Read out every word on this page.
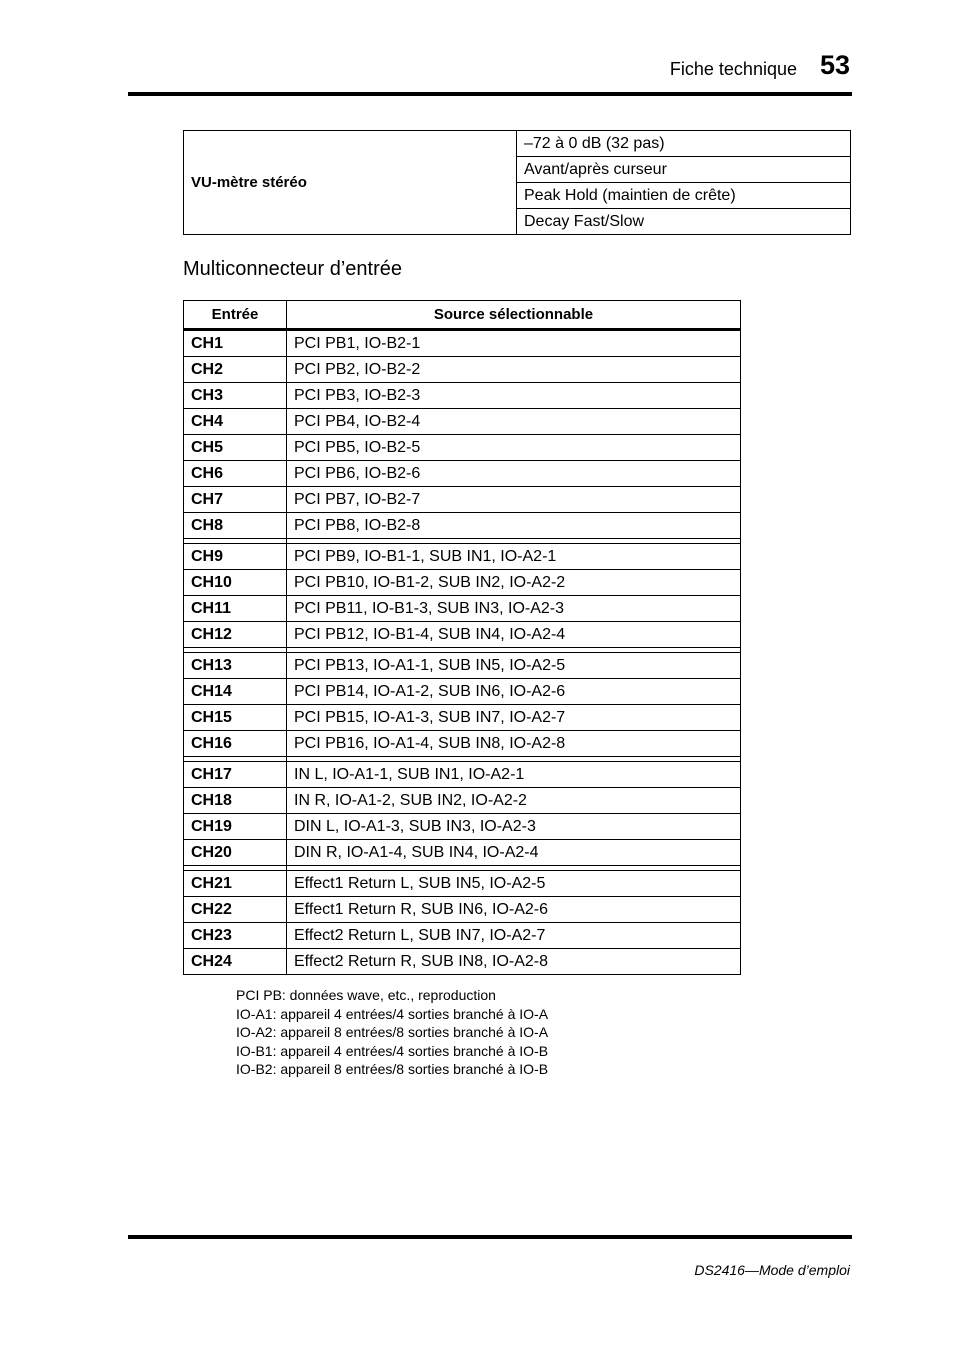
Fiche technique 53
VU-mètre stéréo	–72 à 0 dB (32 pas)
Avant/après curseur
Peak Hold (maintien de crête)
Decay Fast/Slow
Multiconnecteur d’entrée
Entrée	Source sélectionnable
CH1	PCI PB1, IO-B2-1
CH2	PCI PB2, IO-B2-2
CH3	PCI PB3, IO-B2-3
CH4	PCI PB4, IO-B2-4
CH5	PCI PB5, IO-B2-5
CH6	PCI PB6, IO-B2-6
CH7	PCI PB7, IO-B2-7
CH8	PCI PB8, IO-B2-8

CH9	PCI PB9, IO-B1-1, SUB IN1, IO-A2-1
CH10	PCI PB10, IO-B1-2, SUB IN2, IO-A2-2
CH11	PCI PB11, IO-B1-3, SUB IN3, IO-A2-3
CH12	PCI PB12, IO-B1-4, SUB IN4, IO-A2-4

CH13	PCI PB13, IO-A1-1, SUB IN5, IO-A2-5
CH14	PCI PB14, IO-A1-2, SUB IN6, IO-A2-6
CH15	PCI PB15, IO-A1-3, SUB IN7, IO-A2-7
CH16	PCI PB16, IO-A1-4, SUB IN8, IO-A2-8

CH17	IN L, IO-A1-1, SUB IN1, IO-A2-1
CH18	IN R, IO-A1-2, SUB IN2, IO-A2-2
CH19	DIN L, IO-A1-3, SUB IN3, IO-A2-3
CH20	DIN R, IO-A1-4, SUB IN4, IO-A2-4

CH21	Effect1 Return L, SUB IN5, IO-A2-5
CH22	Effect1 Return R, SUB IN6, IO-A2-6
CH23	Effect2 Return L, SUB IN7, IO-A2-7
CH24	Effect2 Return R, SUB IN8, IO-A2-8
PCI PB: données wave, etc., reproduction
IO-A1: appareil 4 entrées/4 sorties branché à IO-A
IO-A2: appareil 8 entrées/8 sorties branché à IO-A
IO-B1: appareil 4 entrées/4 sorties branché à IO-B
IO-B2: appareil 8 entrées/8 sorties branché à IO-B
DS2416—Mode d’emploi
